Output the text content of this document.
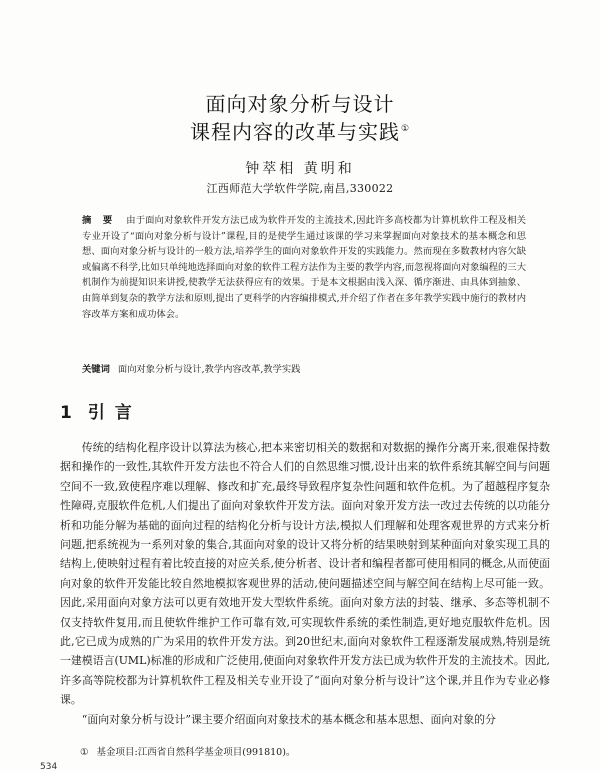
面向对象分析与设计
课程内容的改革与实践①
钟萃相 黄明和
江西师范大学软件学院,南昌,330022
摘 要 由于面向对象软件开发方法已成为软件开发的主流技术,因此许多高校都为计算机软件工程及相关专业开设了“面向对象分析与设计”课程,目的是使学生通过该课的学习来掌握面向对象技术的基本概念和思想、面向对象分析与设计的一般方法,培养学生的面向对象软件开发的实践能力。然而现在多数教材内容欠缺或偏离不科学,比如只单纯地选择面向对象的软件工程方法作为主要的教学内容,而忽视将面向对象编程的三大机制作为前提知识来讲授,使教学无法获得应有的效果。于是本文根据由浅入深、循序渐进、由具体到抽象、由简单到复杂的教学方法和原则,提出了更科学的内容编排模式,并介绍了作者在多年教学实践中施行的教材内容改革方案和成功体会。
关键词 面向对象分析与设计,教学内容改革,教学实践
1 引 言

传统的结构化程序设计以算法为核心,把本来密切相关的数据和对数据的操作分离开来,很难保持数据和操作的一致性,其软件开发方法也不符合人们的自然思维习惯,设计出来的软件系统其解空间与问题空间不一致,致使程序难以理解、修改和扩充,最终导致程序复杂性问题和软件危机。为了超越程序复杂性障碍,克服软件危机,人们提出了面向对象软件开发方法。面向对象开发方法一改过去传统的以功能分析和功能分解为基础的面向过程的结构化分析与设计方法,模拟人们理解和处理客观世界的方式来分析问题,把系统视为一系列对象的集合,其面向对象的设计又将分析的结果映射到某种面向对象实现工具的结构上,使映射过程有着比较直接的对应关系,使分析者、设计者和编程者都可使用相同的概念,从而使面向对象的软件开发能比较自然地模拟客观世界的活动,使问题描述空间与解空间在结构上尽可能一致。因此,采用面向对象方法可以更有效地开发大型软件系统。面向对象方法的封装、继承、多态等机制不仅支持软件复用,而且使软件维护工作可靠有效,可实现软件系统的柔性制造,更好地克服软件危机。因此,它已成为成熟的广为采用的软件开发方法。到20世纪末,面向对象软件工程逐渐发展成熟,特别是统一建模语言(UML)标准的形成和广泛使用,使面向对象软件开发方法已成为软件开发的主流技术。因此,许多高等院校都为计算机软件工程及相关专业开设了“面向对象分析与设计”这个课,并且作为专业必修课。

“面向对象分析与设计”课主要介绍面向对象技术的基本概念和基本思想、面向对象的分

① 基金项目:江西省自然科学基金项目(991810)。
534
